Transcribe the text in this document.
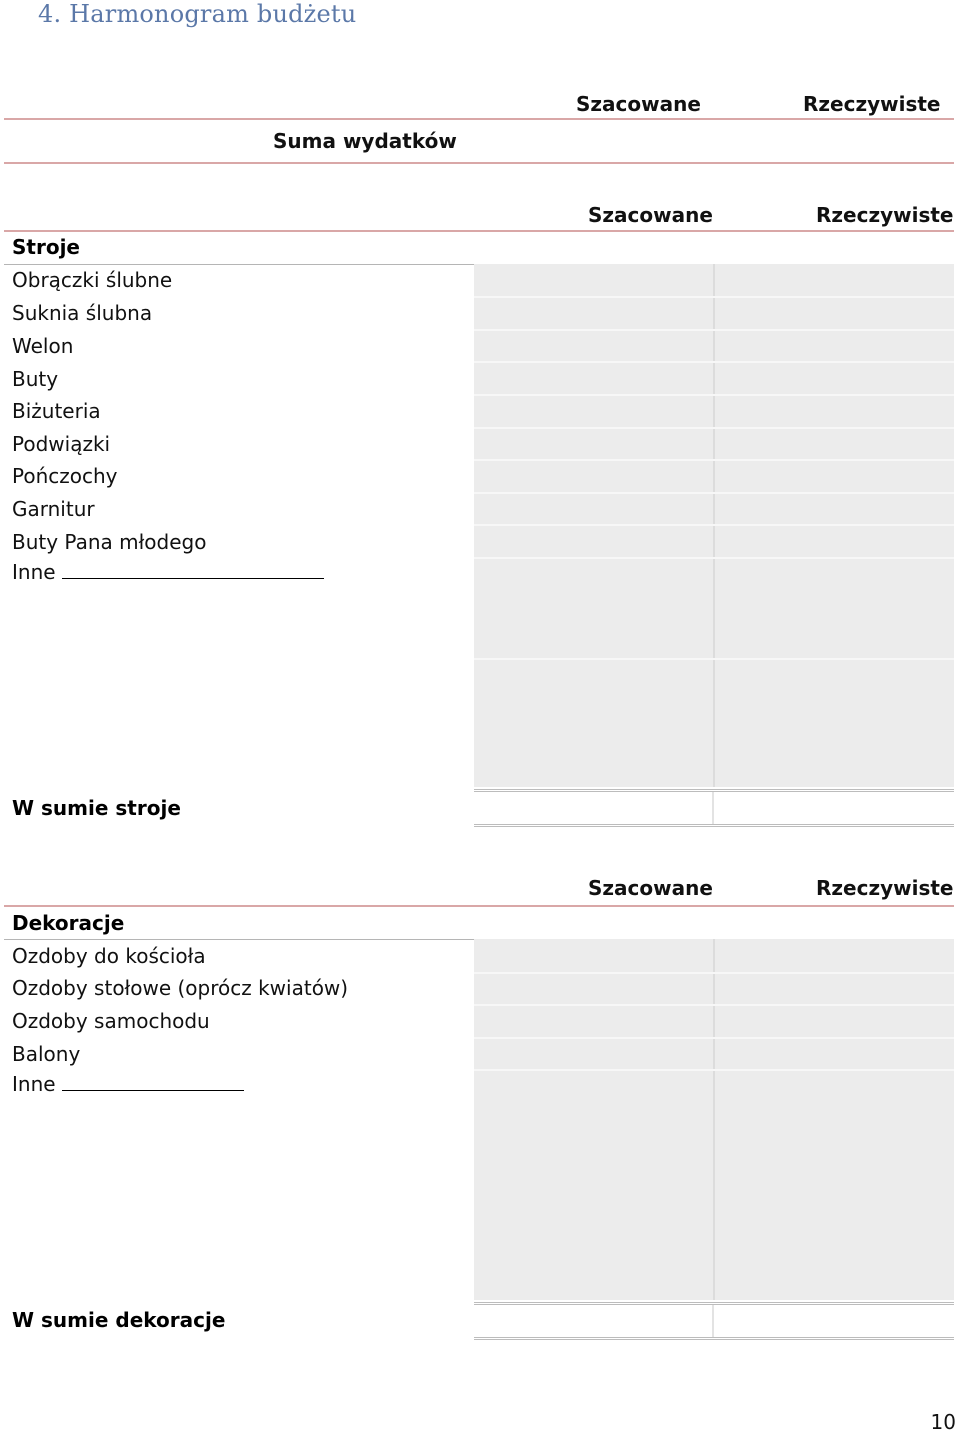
4. Harmonogram budżetu
Szacowane	Rzeczywiste
Suma wydatków
Szacowane	Rzeczywiste
Stroje
Obrączki ślubne
Suknia ślubna
Welon
Buty
Biżuteria
Podwiązki
Pończochy
Garnitur
Buty Pana młodego
Inne
W sumie stroje
Szacowane	Rzeczywiste
Dekoracje
Ozdoby do kościoła
Ozdoby stołowe (oprócz kwiatów)
Ozdoby samochodu
Balony
Inne
W sumie dekoracje
10
